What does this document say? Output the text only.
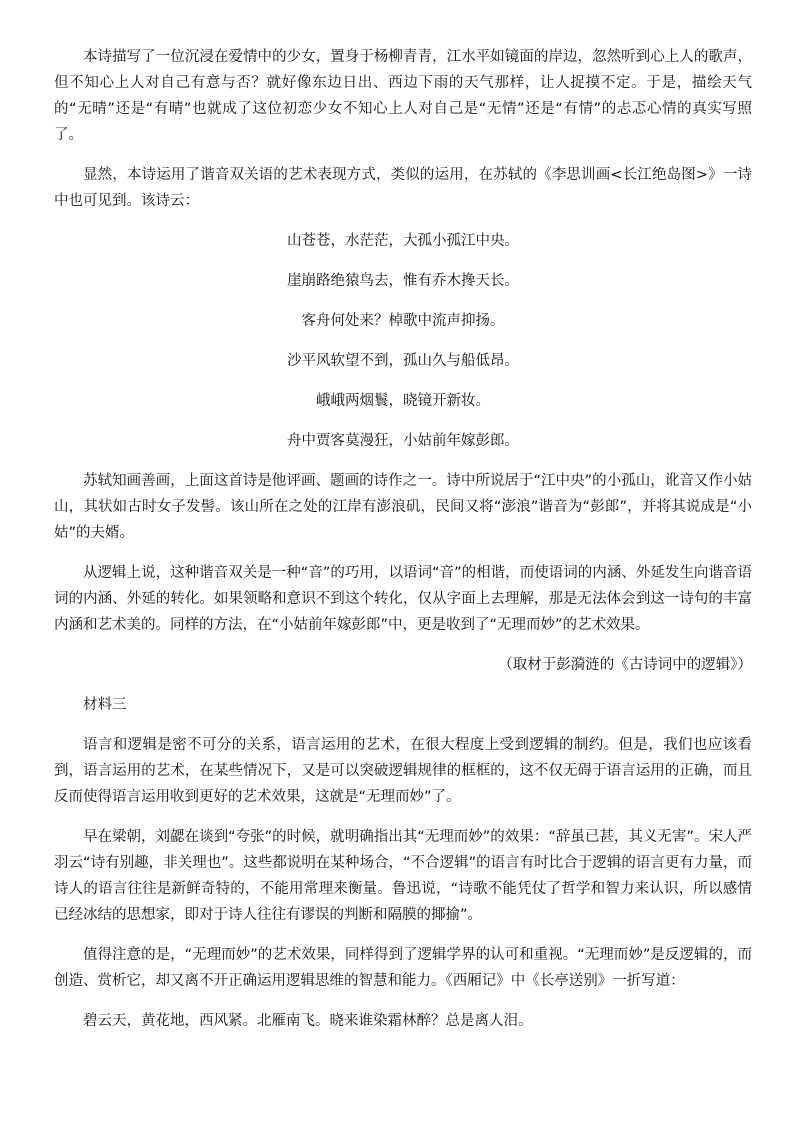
本诗描写了一位沉浸在爱情中的少女，置身于杨柳青青，江水平如镜面的岸边，忽然听到心上人的歌声，但不知心上人对自己有意与否？就好像东边日出、西边下雨的天气那样，让人捉摸不定。于是，描绘天气的“无晴”还是“有晴”也就成了这位初恋少女不知心上人对自己是“无情”还是“有情”的忐忑心情的真实写照了。

显然，本诗运用了谐音双关语的艺术表现方式，类似的运用，在苏轼的《李思训画<长江绝岛图>》一诗中也可见到。该诗云：

山苍苍，水茫茫，大孤小孤江中央。
崖崩路绝猿鸟去，惟有乔木搀天长。
客舟何处来？棹歌中流声抑扬。
沙平风软望不到，孤山久与船低昂。
峨峨两烟鬟，晓镜开新妆。
舟中贾客莫漫狂，小姑前年嫁彭郎。

苏轼知画善画，上面这首诗是他评画、题画的诗作之一。诗中所说居于“江中央”的小孤山，讹音又作小姑山，其状如古时女子发髻。该山所在之处的江岸有澎浪矶，民间又将“澎浪”谐音为“彭郎”，并将其说成是“小姑”的夫婿。

从逻辑上说，这种谐音双关是一种“音”的巧用，以语词“音”的相谐，而使语词的内涵、外延发生向谐音语词的内涵、外延的转化。如果领略和意识不到这个转化，仅从字面上去理解，那是无法体会到这一诗句的丰富内涵和艺术美的。同样的方法，在“小姑前年嫁彭郎”中，更是收到了“无理而妙”的艺术效果。

（取材于彭漪涟的《古诗词中的逻辑》）
材料三

语言和逻辑是密不可分的关系，语言运用的艺术，在很大程度上受到逻辑的制约。但是，我们也应该看到，语言运用的艺术，在某些情况下，又是可以突破逻辑规律的框框的，这不仅无碍于语言运用的正确，而且反而使得语言运用收到更好的艺术效果，这就是“无理而妙”了。

早在梁朝，刘勰在谈到“夸张”的时候，就明确指出其“无理而妙”的效果：“辞虽已甚，其义无害”。宋人严羽云“诗有别趣，非关理也”。这些都说明在某种场合，“不合逻辑”的语言有时比合于逻辑的语言更有力量，而诗人的语言往往是新鲜奇特的，不能用常理来衡量。鲁迅说，“诗歌不能凭仗了哲学和智力来认识，所以感情已经冰结的思想家，即对于诗人往往有谬误的判断和隔膜的揶揄”。

值得注意的是，“无理而妙”的艺术效果，同样得到了逻辑学界的认可和重视。“无理而妙”是反逻辑的，而创造、赏析它，却又离不开正确运用逻辑思维的智慧和能力。《西厢记》中《长亭送别》一折写道：

碧云天，黄花地，西风紧。北雁南飞。晓来谁染霜林醉？总是离人泪。
